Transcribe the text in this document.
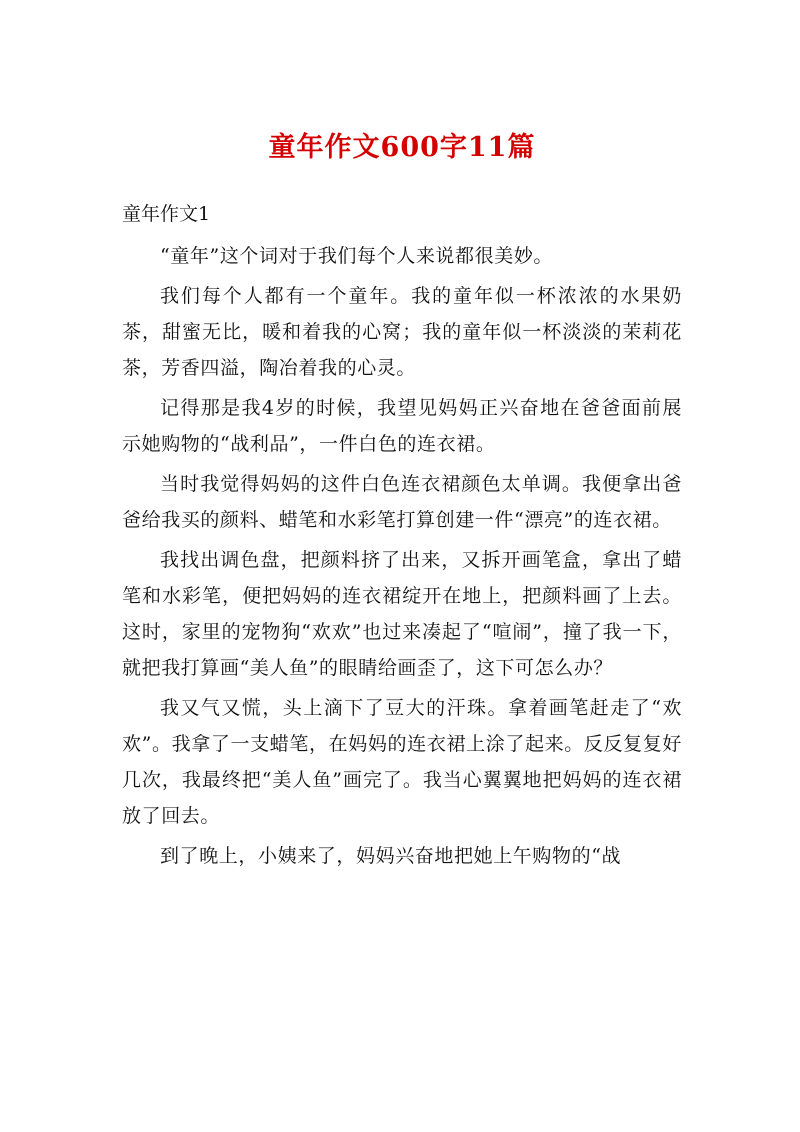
童年作文600字11篇
童年作文1

“童年”这个词对于我们每个人来说都很美妙。

我们每个人都有一个童年。我的童年似一杯浓浓的水果奶茶，甜蜜无比，暖和着我的心窝；我的童年似一杯淡淡的茉莉花茶，芳香四溢，陶冶着我的心灵。

记得那是我4岁的时候，我望见妈妈正兴奋地在爸爸面前展示她购物的“战利品”，一件白色的连衣裙。

当时我觉得妈妈的这件白色连衣裙颜色太单调。我便拿出爸爸给我买的颜料、蜡笔和水彩笔打算创建一件“漂亮”的连衣裙。

我找出调色盘，把颜料挤了出来，又拆开画笔盒，拿出了蜡笔和水彩笔，便把妈妈的连衣裙绽开在地上，把颜料画了上去。这时，家里的宠物狗“欢欢”也过来凑起了“喧闹”，撞了我一下，就把我打算画“美人鱼”的眼睛给画歪了，这下可怎么办？

我又气又慌，头上滴下了豆大的汗珠。拿着画笔赶走了“欢欢”。我拿了一支蜡笔，在妈妈的连衣裙上涂了起来。反反复复好几次，我最终把“美人鱼”画完了。我当心翼翼地把妈妈的连衣裙放了回去。

到了晚上，小姨来了，妈妈兴奋地把她上午购物的“战
